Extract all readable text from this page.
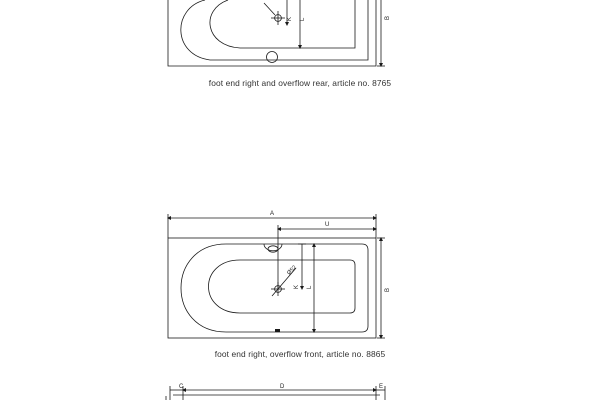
K L	B
A
U
Ø52
K L
B
C	D	E
foot end right and overflow rear, article no. 8765
foot end right, overflow front, article no. 8865
